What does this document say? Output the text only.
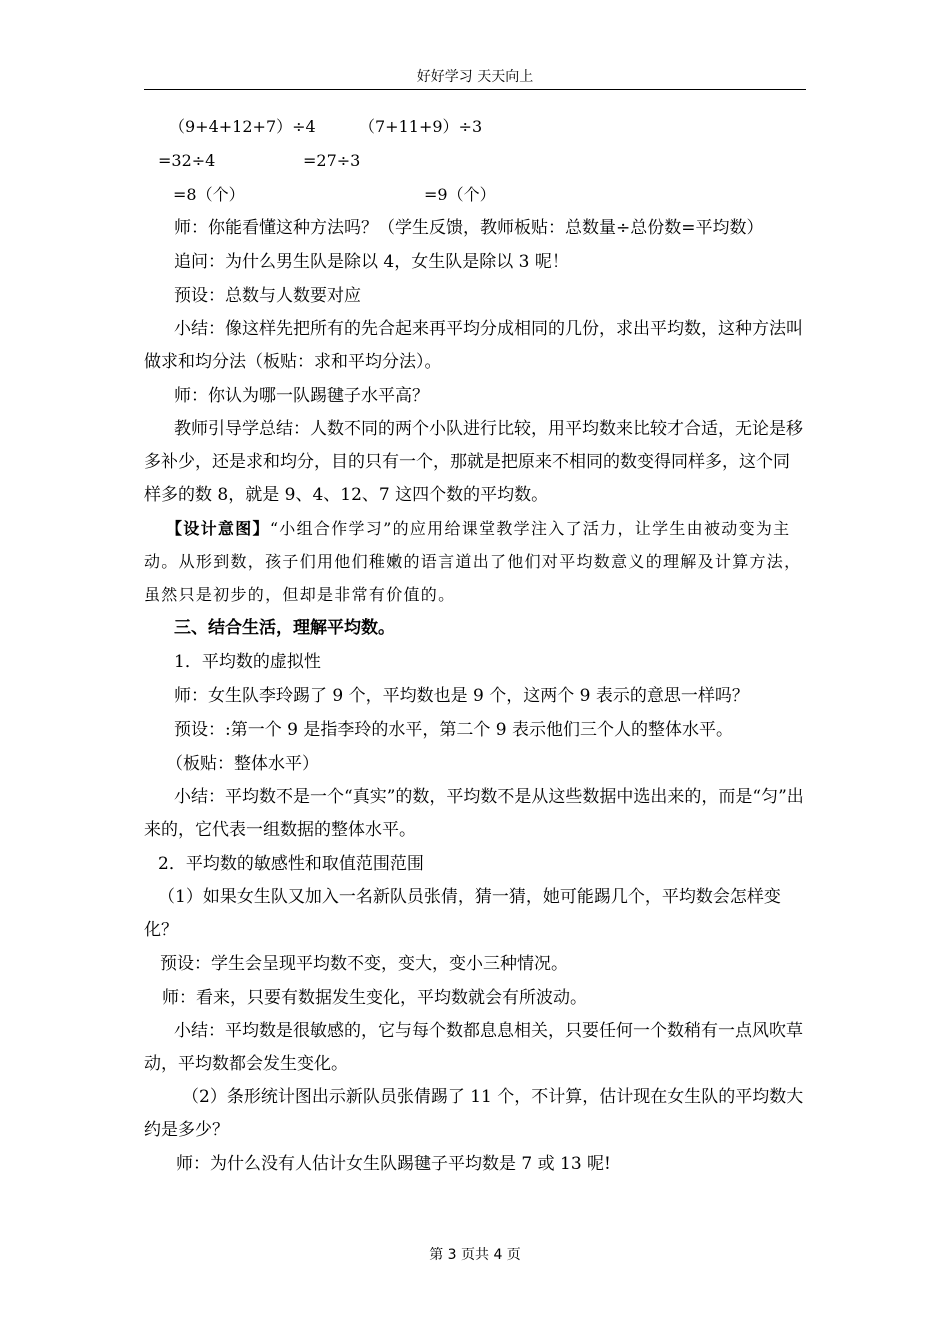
好好学习 天天向上
（9+4+12+7）÷4	（7+11+9）÷3
=32÷4	=27÷3
=8（个）	=9（个）

师：你能看懂这种方法吗？（学生反馈，教师板贴：总数量÷总份数=平均数）

追问：为什么男生队是除以 4，女生队是除以 3 呢！

预设：总数与人数要对应

小结：像这样先把所有的先合起来再平均分成相同的几份，求出平均数，这种方法叫做求和均分法（板贴：求和平均分法）。

师：你认为哪一队踢毽子水平高？

教师引导学总结：人数不同的两个小队进行比较，用平均数来比较才合适，无论是移多补少，还是求和均分，目的只有一个，那就是把原来不相同的数变得同样多，这个同样多的数 8，就是 9、4、12、7 这四个数的平均数。

【设计意图】“小组合作学习”的应用给课堂教学注入了活力，让学生由被动变为主动。从形到数，孩子们用他们稚嫩的语言道出了他们对平均数意义的理解及计算方法，虽然只是初步的，但却是非常有价值的。

三、结合生活，理解平均数。

1．平均数的虚拟性

师：女生队李玲踢了 9 个，平均数也是 9 个，这两个 9 表示的意思一样吗？

预设：:第一个 9 是指李玲的水平，第二个 9 表示他们三个人的整体水平。

（板贴：整体水平）

小结：平均数不是一个“真实”的数，平均数不是从这些数据中选出来的，而是“匀”出来的，它代表一组数据的整体水平。

2．平均数的敏感性和取值范围范围

（1）如果女生队又加入一名新队员张倩，猜一猜，她可能踢几个，平均数会怎样变化？

预设：学生会呈现平均数不变，变大，变小三种情况。

师：看来，只要有数据发生变化，平均数就会有所波动。

小结：平均数是很敏感的，它与每个数都息息相关，只要任何一个数稍有一点风吹草动，平均数都会发生变化。

（2）条形统计图出示新队员张倩踢了 11 个，不计算，估计现在女生队的平均数大约是多少？

师：为什么没有人估计女生队踢毽子平均数是 7 或 13 呢!

第 3 页共 4 页
